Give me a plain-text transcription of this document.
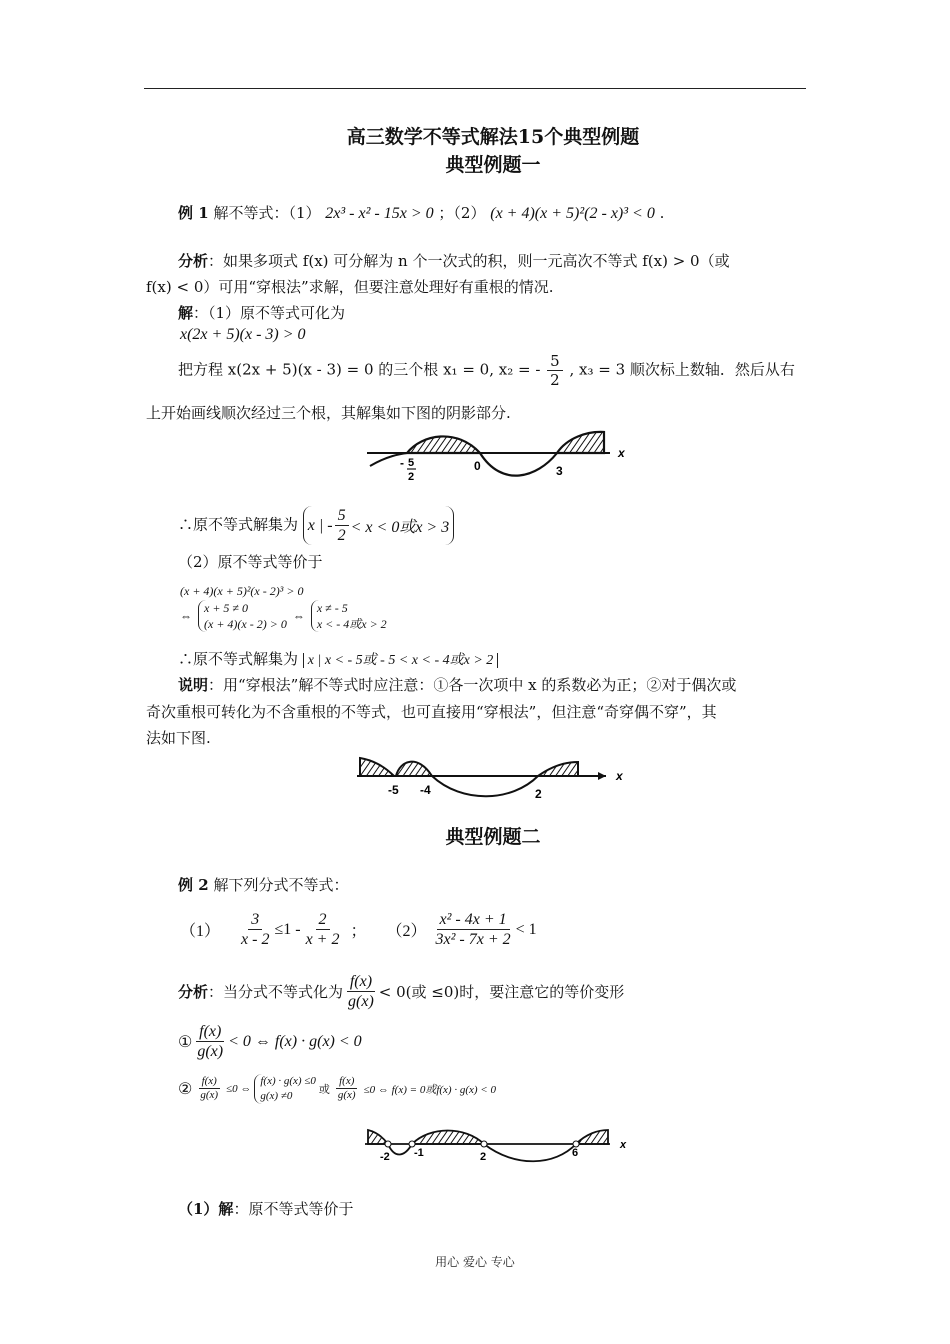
高三数学不等式解法15个典型例题
典型例题一
例 1 解不等式：（1） 2x³ - x² - 15x > 0 ；（2） (x + 4)(x + 5)²(2 - x)³ < 0 .
分析：如果多项式 f(x) 可分解为 n 个一次式的积，则一元高次不等式 f(x) > 0（或
f(x) < 0）可用“穿根法”求解，但要注意处理好有重根的情况.
解：（1）原不等式可化为
x(2x + 5)(x - 3) > 0
把方程 x(2x + 5)(x - 3) = 0 的三个根 x₁ = 0, x₂ = - $\frac{5}{2}$ , x₃ = 3 顺次标上数轴．然后从右
上开始画线顺次经过三个根，其解集如下图的阴影部分.
- 5
2
0	3
x
∴原不等式解集为 x | - $\frac{5}{2} < x < 0$或x > 3
（2）原不等式等价于
(x + 4)(x + 5)²(x - 2)³ > 0
⇔
x + 5 ≠ 0
(x + 4)(x - 2) > 0
⇔
x ≠ - 5
x < - 4或x > 2
∴原不等式解集为 x | x < - 5或 - 5 < x < - 4或x > 2
说明：用“穿根法”解不等式时应注意：①各一次项中 x 的系数必为正；②对于偶次或
奇次重根可转化为不含重根的不等式，也可直接用“穿根法”，但注意“奇穿偶不穿”，其
法如下图.
-5 -4	2
x
典型例题二
例 2 解下列分式不等式：
$(1) \frac{3}{x - 2} \le 1 - \frac{2}{x + 2}$ ； $(2) \frac{\text{x² - 4x + 1}}{\text{3x² - 7x + 2}} < 1$
分析 ：当分式不等式化为 $\frac{f(x)}{g(x)} < 0$(或 ≤0)时，要注意它的等价变形
① $\frac{f(x)}{g(x)} < 0$ ⇔ f(x) · g(x) < 0
② $\frac{f(x)}{g(x)} \le 0$ ⇔
f(x) · g(x) ≤0
g(x) ≠0	或 $\frac{f(x)}{g(x)} \le 0$ ⇔ f(x) = 0或f(x) · g(x) < 0
-2 -1	2	6
x
（1）解：原不等式等价于
用心 爱心 专心
